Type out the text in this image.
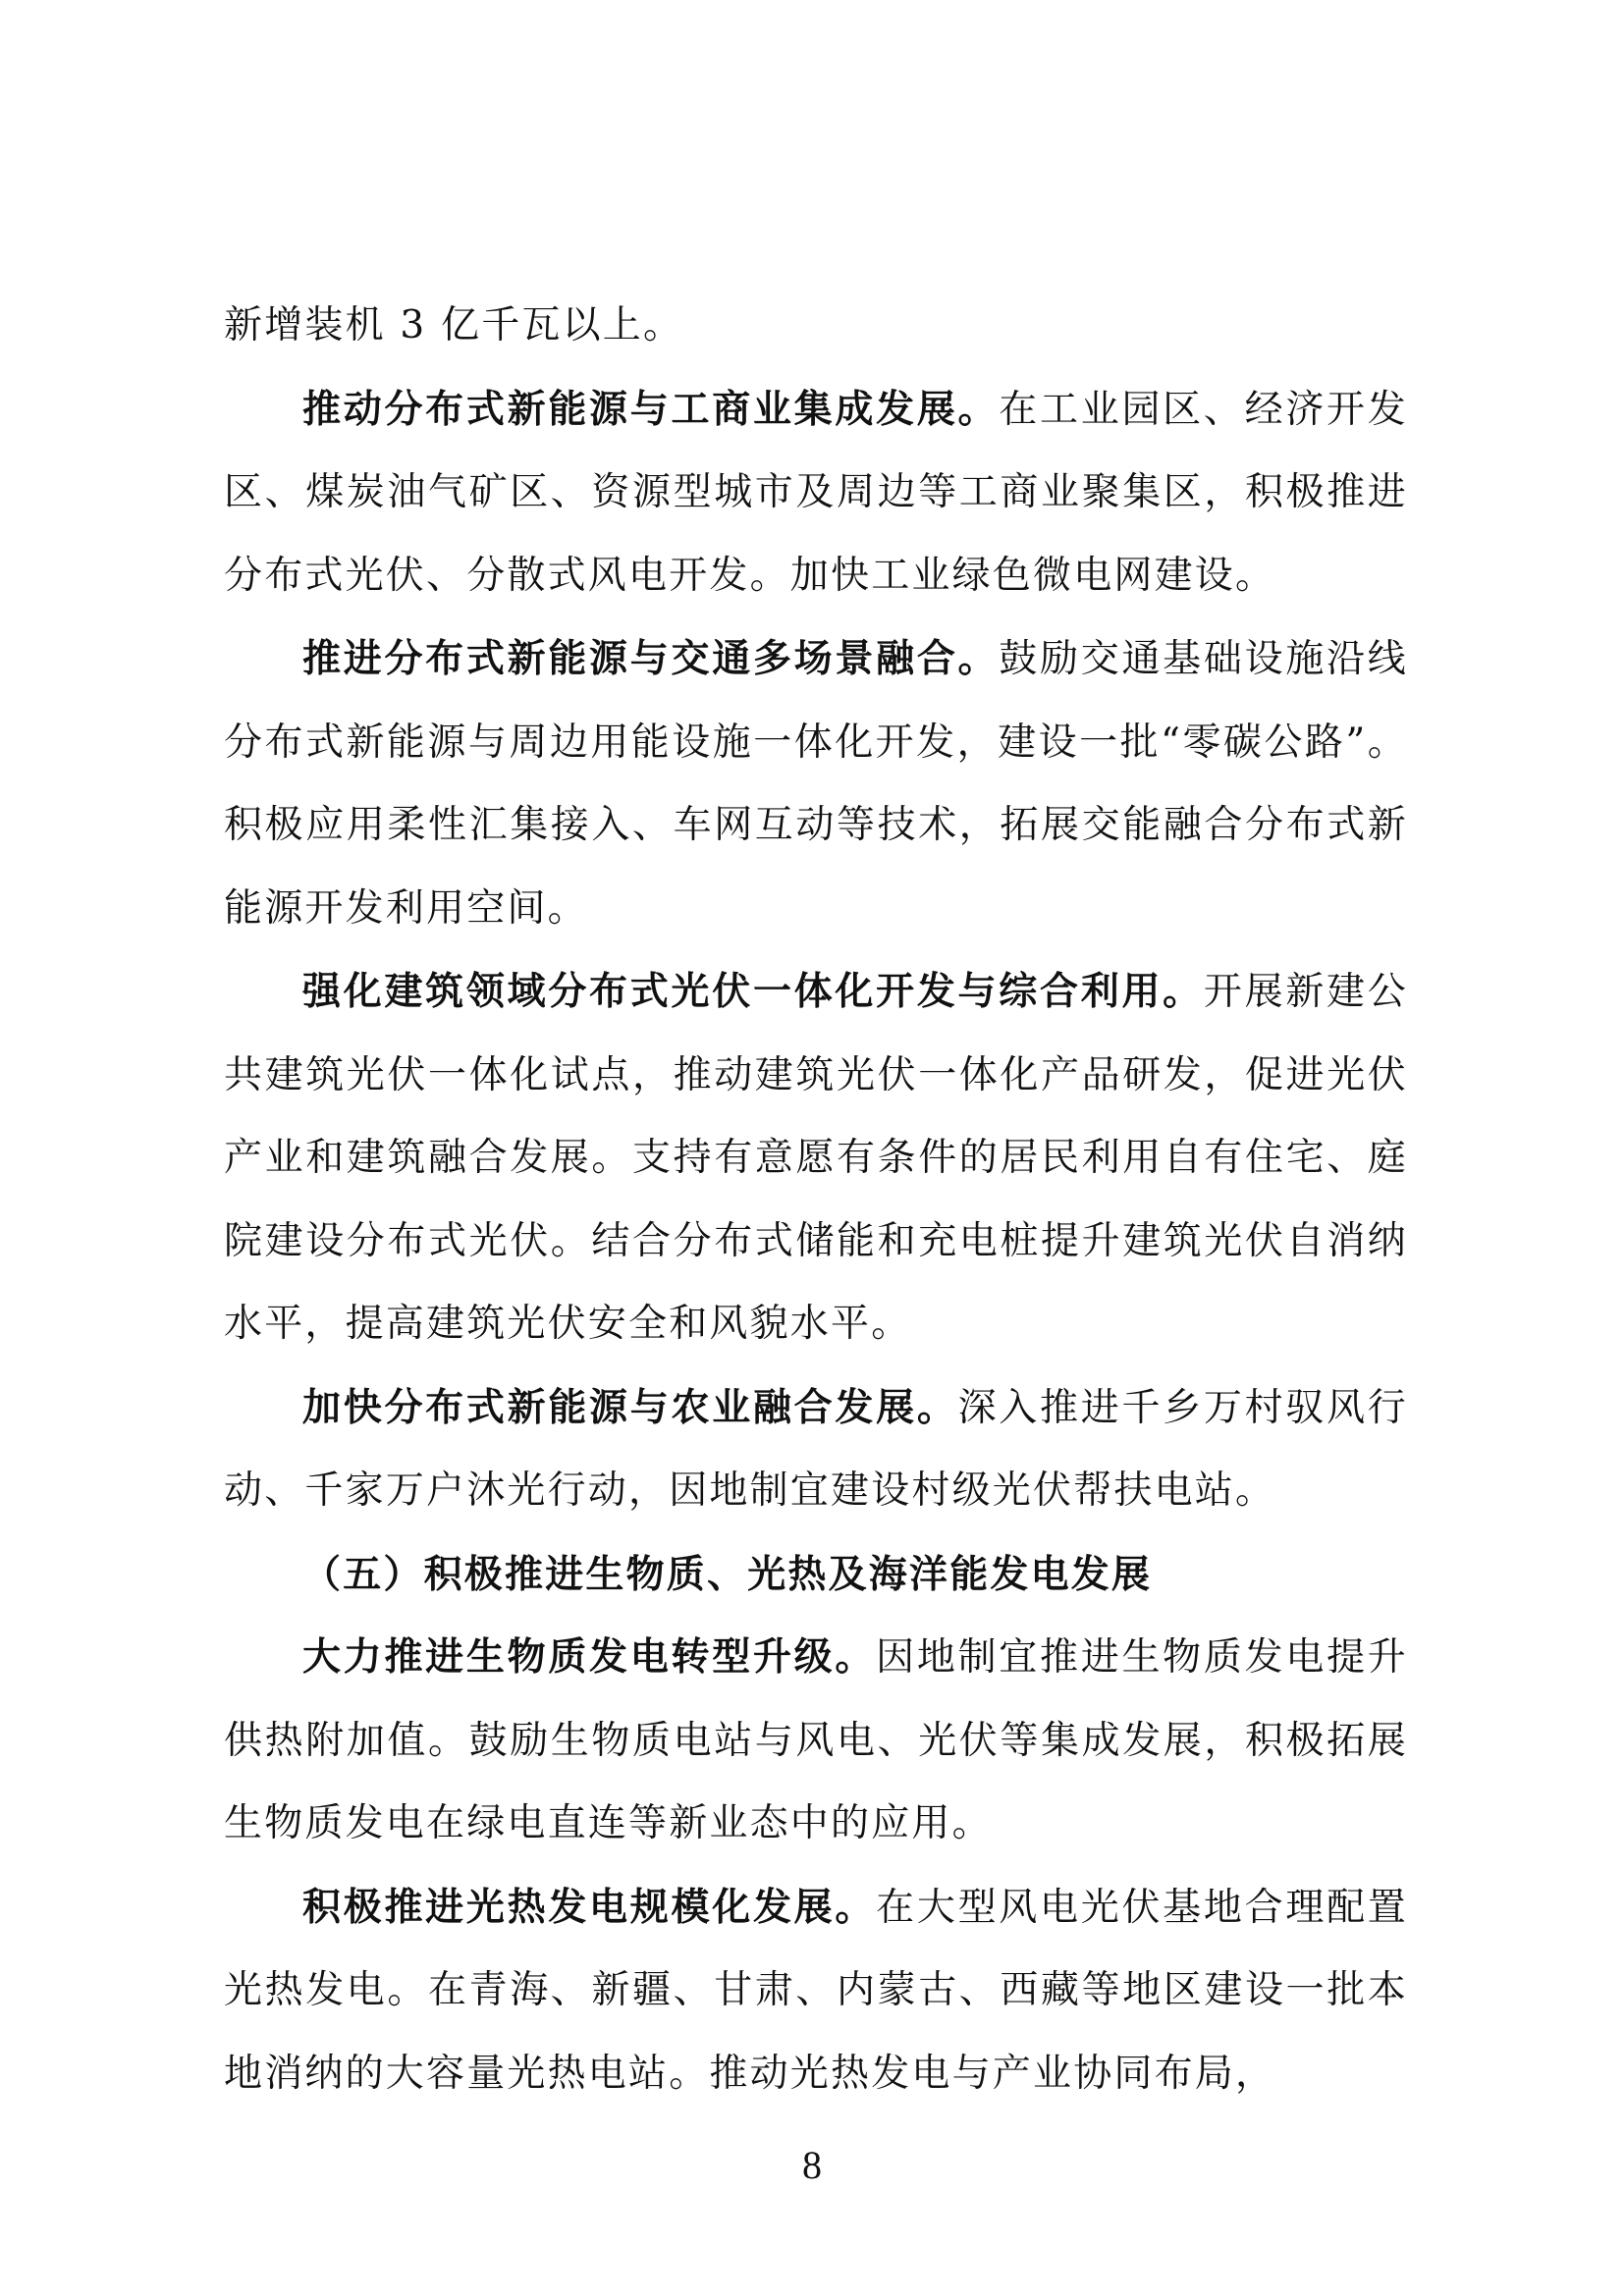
新增装机 3 亿千瓦以上。

推动分布式新能源与工商业集成发展。在工业园区、经济开发区、煤炭油气矿区、资源型城市及周边等工商业聚集区，积极推进分布式光伏、分散式风电开发。加快工业绿色微电网建设。

推进分布式新能源与交通多场景融合。鼓励交通基础设施沿线分布式新能源与周边用能设施一体化开发，建设一批“零碳公路”。积极应用柔性汇集接入、车网互动等技术，拓展交能融合分布式新能源开发利用空间。

强化建筑领域分布式光伏一体化开发与综合利用。开展新建公共建筑光伏一体化试点，推动建筑光伏一体化产品研发，促进光伏产业和建筑融合发展。支持有意愿有条件的居民利用自有住宅、庭院建设分布式光伏。结合分布式储能和充电桩提升建筑光伏自消纳水平，提高建筑光伏安全和风貌水平。

加快分布式新能源与农业融合发展。深入推进千乡万村驭风行动、千家万户沐光行动，因地制宜建设村级光伏帮扶电站。

（五）积极推进生物质、光热及海洋能发电发展

大力推进生物质发电转型升级。因地制宜推进生物质发电提升供热附加值。鼓励生物质电站与风电、光伏等集成发展，积极拓展生物质发电在绿电直连等新业态中的应用。

积极推进光热发电规模化发展。在大型风电光伏基地合理配置光热发电。在青海、新疆、甘肃、内蒙古、西藏等地区建设一批本地消纳的大容量光热电站。推动光热发电与产业协同布局，

8
